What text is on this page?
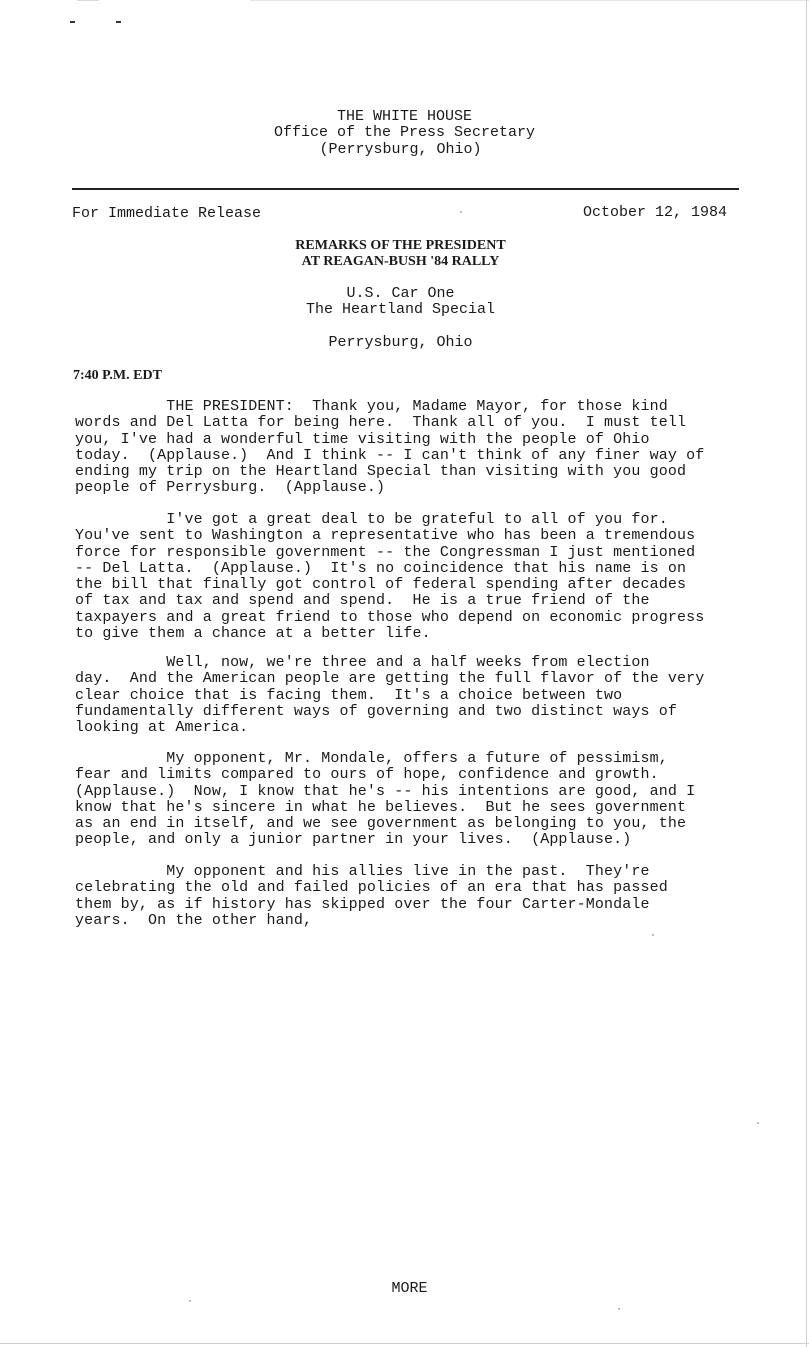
THE WHITE HOUSE
Office of the Press Secretary
(Perrysburg, Ohio)
For Immediate Release	October 12, 1984
REMARKS OF THE PRESIDENT
AT REAGAN-BUSH '84 RALLY
U.S. Car One
The Heartland Special
Perrysburg, Ohio
7:40 P.M. EDT
THE PRESIDENT:  Thank you, Madame Mayor, for those kind
words and Del Latta for being here.  Thank all of you.  I must tell
you, I've had a wonderful time visiting with the people of Ohio
today.  (Applause.)  And I think -- I can't think of any finer way of
ending my trip on the Heartland Special than visiting with you good
people of Perrysburg.  (Applause.)
I've got a great deal to be grateful to all of you for.
You've sent to Washington a representative who has been a tremendous
force for responsible government -- the Congressman I just mentioned
-- Del Latta.  (Applause.)  It's no coincidence that his name is on
the bill that finally got control of federal spending after decades
of tax and tax and spend and spend.  He is a true friend of the
taxpayers and a great friend to those who depend on economic progress
to give them a chance at a better life.
Well, now, we're three and a half weeks from election
day.  And the American people are getting the full flavor of the very
clear choice that is facing them.  It's a choice between two
fundamentally different ways of governing and two distinct ways of
looking at America.
My opponent, Mr. Mondale, offers a future of pessimism,
fear and limits compared to ours of hope, confidence and growth.
(Applause.)  Now, I know that he's -- his intentions are good, and I
know that he's sincere in what he believes.  But he sees government
as an end in itself, and we see government as belonging to you, the
people, and only a junior partner in your lives.  (Applause.)
My opponent and his allies live in the past.  They're
celebrating the old and failed policies of an era that has passed
them by, as if history has skipped over the four Carter-Mondale
years.  On the other hand,
MORE
